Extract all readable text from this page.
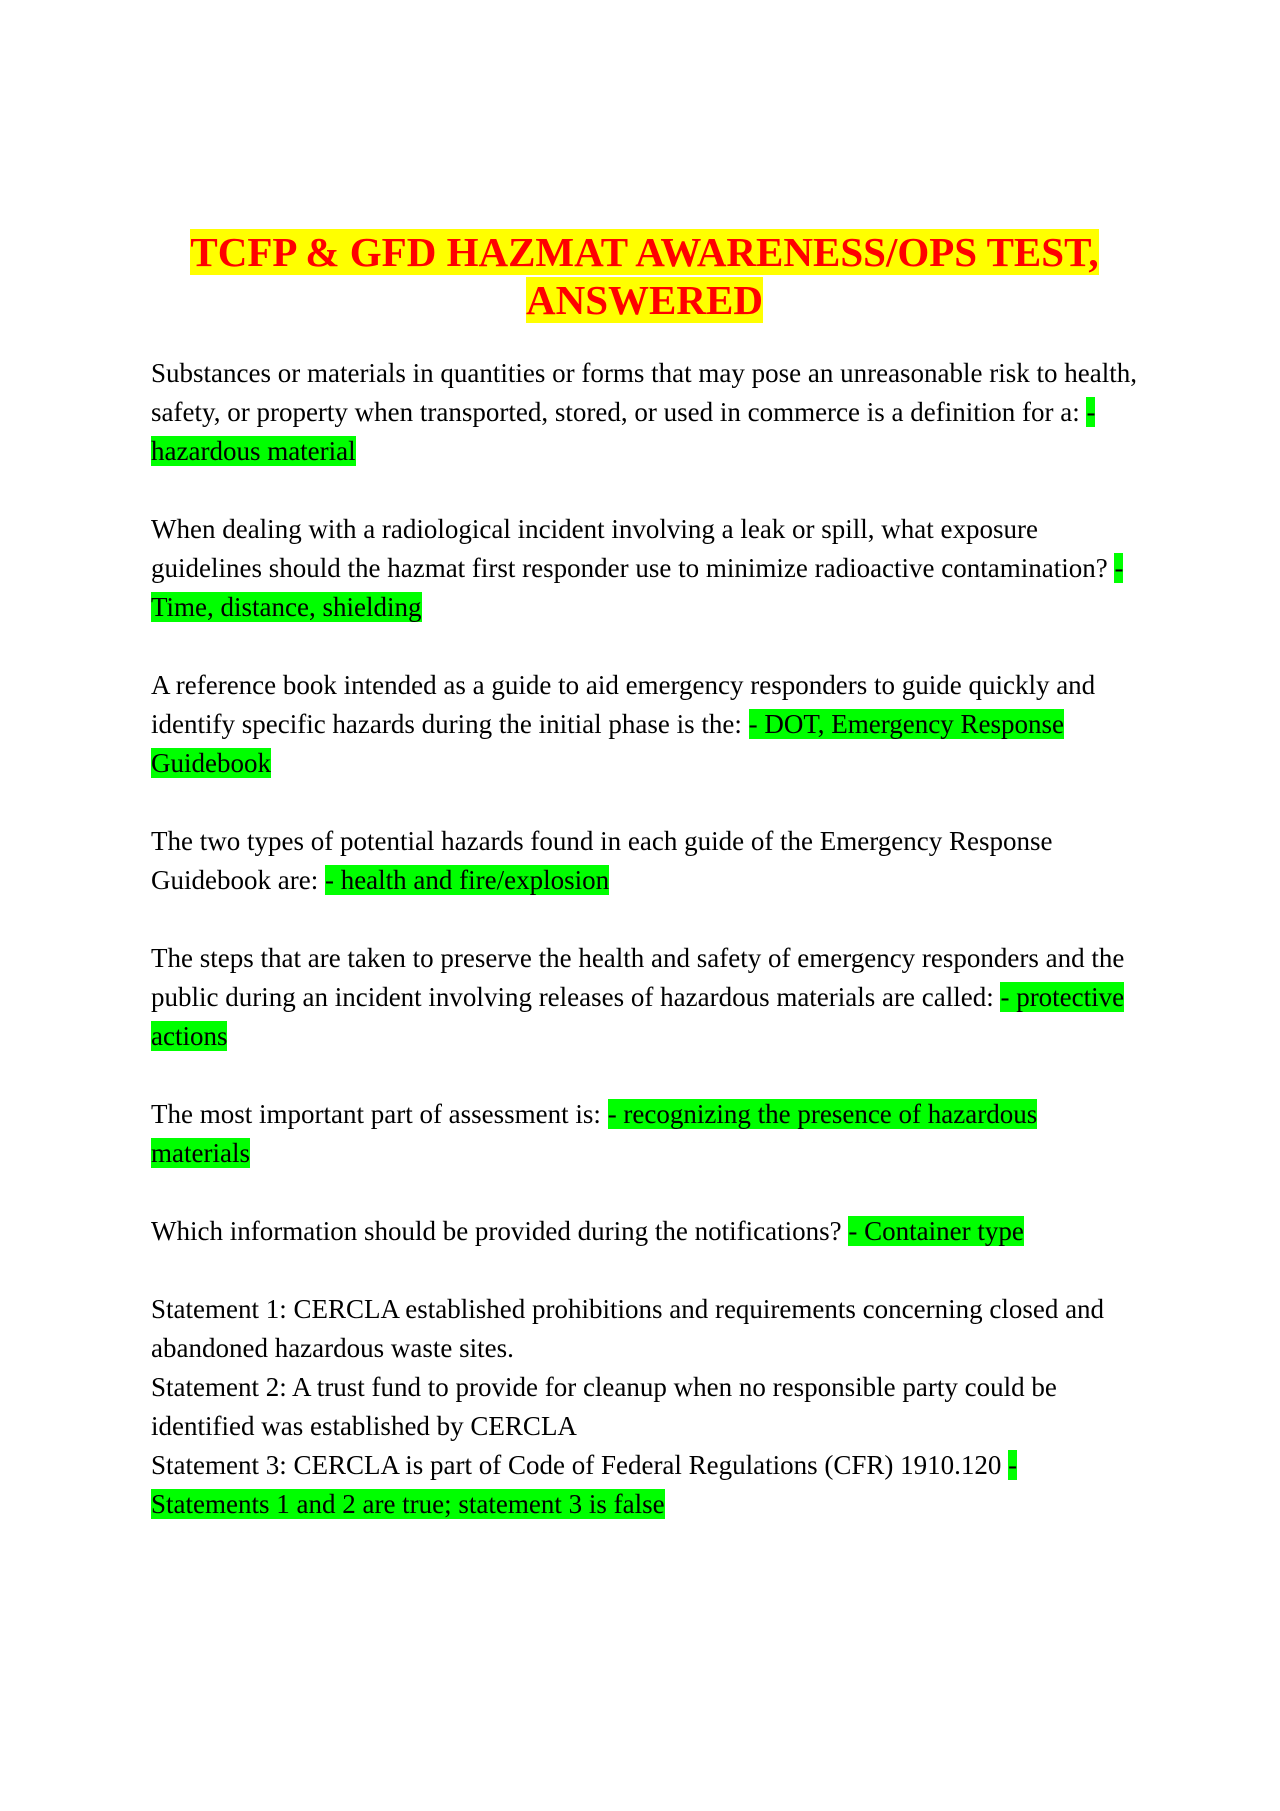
TCFP & GFD HAZMAT AWARENESS/OPS TEST, ANSWERED

Substances or materials in quantities or forms that may pose an unreasonable risk to health, safety, or property when transported, stored, or used in commerce is a definition for a: - hazardous material

When dealing with a radiological incident involving a leak or spill, what exposure guidelines should the hazmat first responder use to minimize radioactive contamination? - Time, distance, shielding

A reference book intended as a guide to aid emergency responders to guide quickly and identify specific hazards during the initial phase is the: - DOT, Emergency Response Guidebook

The two types of potential hazards found in each guide of the Emergency Response Guidebook are: - health and fire/explosion

The steps that are taken to preserve the health and safety of emergency responders and the public during an incident involving releases of hazardous materials are called: - protective actions

The most important part of assessment is: - recognizing the presence of hazardous materials

Which information should be provided during the notifications? - Container type

Statement 1: CERCLA established prohibitions and requirements concerning closed and abandoned hazardous waste sites.
Statement 2: A trust fund to provide for cleanup when no responsible party could be identified was established by CERCLA
Statement 3: CERCLA is part of Code of Federal Regulations (CFR) 1910.120 - Statements 1 and 2 are true; statement 3 is false
